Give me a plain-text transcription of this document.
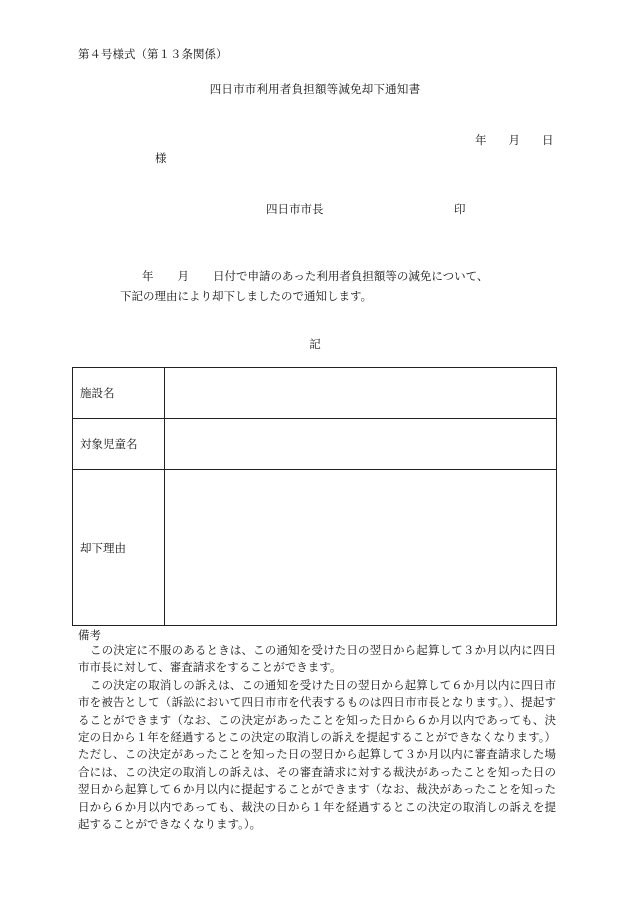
第４号様式（第１３条関係）
四日市市利用者負担額等減免却下通知書
年 月 日
様
四日市市長	印
年 月 日付で申請のあった利用者負担額等の減免について、
下記の理由により却下しましたので通知します。
記
施設名	
対象児童名	
却下理由	
備考

この決定に不服のあるときは、この通知を受けた日の翌日から起算して３か月以内に四日市市長に対して、審査請求をすることができます。

この決定の取消しの訴えは、この通知を受けた日の翌日から起算して６か月以内に四日市市を被告として（訴訟において四日市市を代表するものは四日市市長となります。）、提起することができます（なお、この決定があったことを知った日から６か月以内であっても、決定の日から１年を経過するとこの決定の取消しの訴えを提起することができなくなります。）ただし、この決定があったことを知った日の翌日から起算して３か月以内に審査請求した場合には、この決定の取消しの訴えは、その審査請求に対する裁決があったことを知った日の翌日から起算して６か月以内に提起することができます（なお、裁決があったことを知った日から６か月以内であっても、裁決の日から１年を経過するとこの決定の取消しの訴えを提起することができなくなります。）。
